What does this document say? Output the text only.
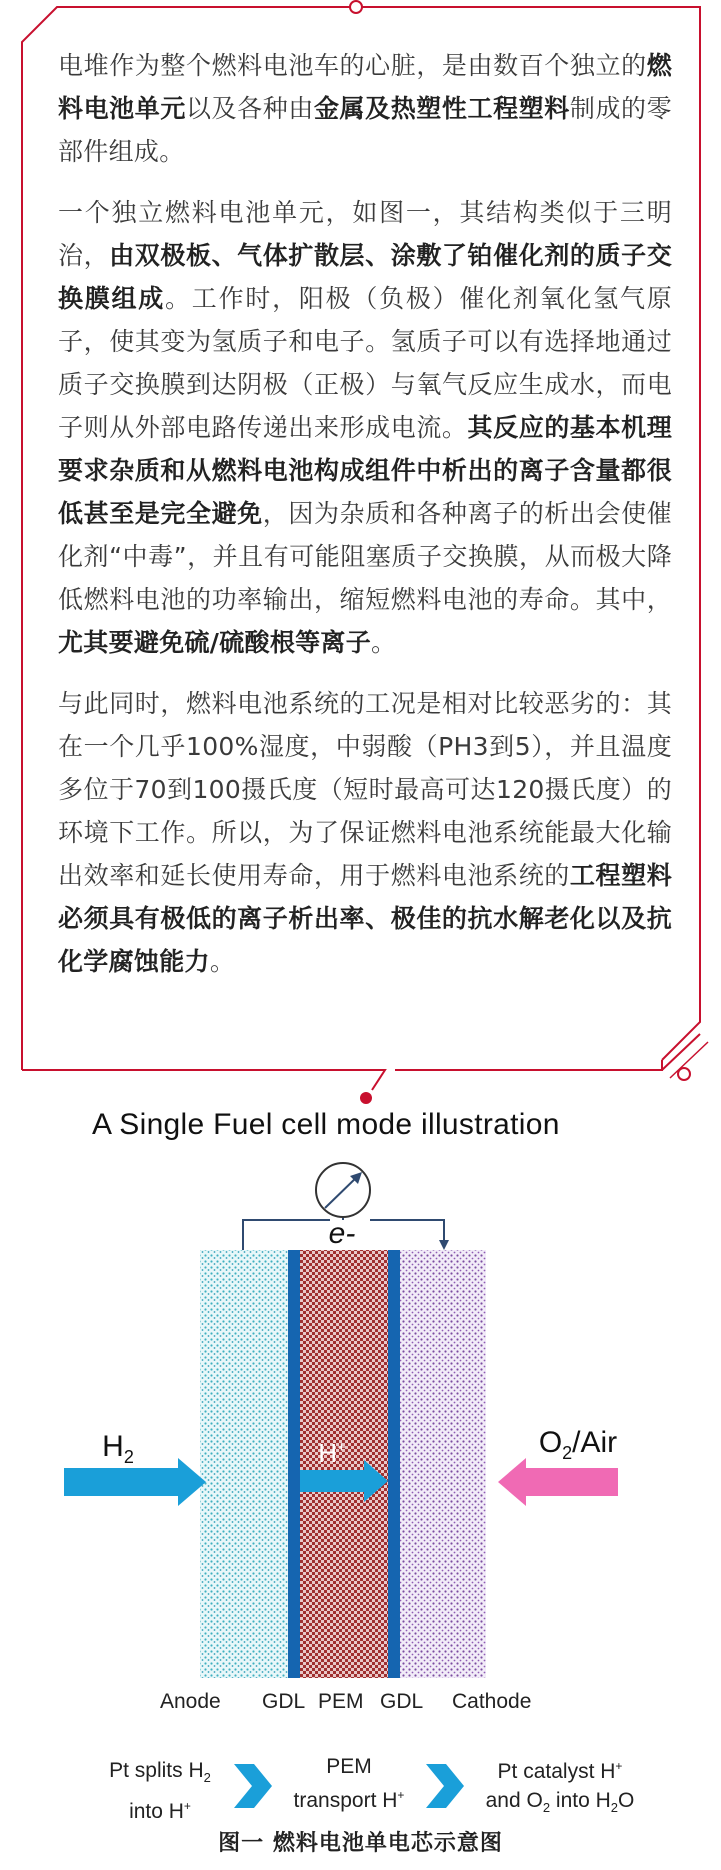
电堆作为整个燃料电池车的心脏，是由数百个独立的燃料电池单元以及各种由金属及热塑性工程塑料制成的零部件组成。

一个独立燃料电池单元，如图一，其结构类似于三明治，由双极板、气体扩散层、涂敷了铂催化剂的质子交换膜组成。工作时，阳极（负极）催化剂氧化氢气原子，使其变为氢质子和电子。氢质子可以有选择地通过质子交换膜到达阴极（正极）与氧气反应生成水，而电子则从外部电路传递出来形成电流。其反应的基本机理要求杂质和从燃料电池构成组件中析出的离子含量都很低甚至是完全避免，因为杂质和各种离子的析出会使催化剂“中毒”，并且有可能阻塞质子交换膜，从而极大降低燃料电池的功率输出，缩短燃料电池的寿命。其中，尤其要避免硫/硫酸根等离子。

与此同时，燃料电池系统的工况是相对比较恶劣的：其在一个几乎100%湿度，中弱酸（PH3到5），并且温度多位于70到100摄氏度（短时最高可达120摄氏度）的环境下工作。所以，为了保证燃料电池系统能最大化输出效率和延长使用寿命，用于燃料电池系统的工程塑料必须具有极低的离子析出率、极佳的抗水解老化以及抗化学腐蚀能力。

A Single Fuel cell mode illustration
e-
$H_2$	H+	$O_2$/Air
Anode GDL PEM GDL Cathode
Pt splits $H_2$
into H+
PEM
transport H+
Pt catalyst H+
and $O_2$ into $H_2O$
图一 燃料电池单电芯示意图
